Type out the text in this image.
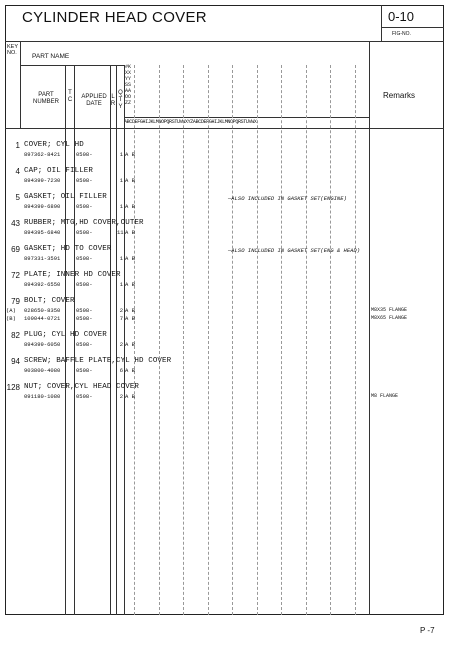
CYLINDER HEAD COVER	0-10
FIG-NO.
KEY
NO. PART NAME
PART
NUMBER
T
C	APPLIED
DATE
L
R
Q
T
Y
#K
XX
YY
SS
AA
OO
ZZ
ABCDEFGHIJKLMNOPQRSTUVWXYZABCDEFGHIJKLMNOPQRSTUVWX
Remarks
1 COVER; CYL HD
897362-8421	0508-	1 A B
4 CAP; OIL FILLER
894399-7230	0508-	1 A B
5 GASKET; OIL FILLER
894399-6890	0508-	1 A B
—ALSO INCLUDED IN GASKET SET(ENGINE)
43 RUBBER; MTG,HD COVER,OUTER
894395-6840	0508-	11 A B
69 GASKET; HD TO COVER
897331-3591	0508-	1 A B
—ALSO INCLUDED IN GASKET SET(ENG & HEAD)
72 PLATE; INNER HD COVER
894392-6550	0508-	1 A B
79 BOLT; COVER
(A) 028650-8350	0508-	2 A B	M8X35 FLANGE
(B) 109044-0721	0508-	7 A B	M8X65 FLANGE
82 PLUG; CYL HD COVER
894399-6050	0508-	2 A B
94 SCREW; BAFFLE PLATE,CYL HD COVER
903800-4080	0508-	6 A B
128 NUT; COVER,CYL HEAD COVER
091180-1080	0508-	2 A B	M8 FLANGE
P -7
